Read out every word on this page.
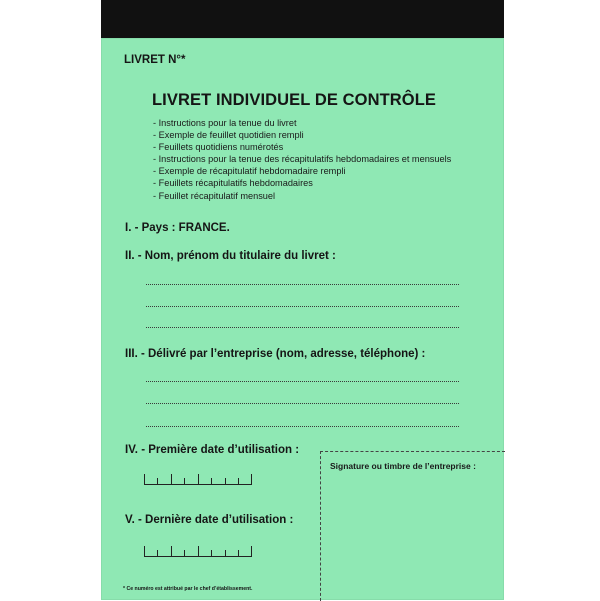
LIVRET N°*
LIVRET INDIVIDUEL DE CONTRÔLE
- Instructions pour la tenue du livret
- Exemple de feuillet quotidien rempli
- Feuillets quotidiens numérotés
- Instructions pour la tenue des récapitulatifs hebdomadaires et mensuels
- Exemple de récapitulatif hebdomadaire rempli
- Feuillets récapitulatifs hebdomadaires
- Feuillet récapitulatif mensuel
I. - Pays : FRANCE.
II. - Nom, prénom du titulaire du livret :
III. - Délivré par l’entreprise (nom, adresse, téléphone) :
IV. - Première date d’utilisation :
V. - Dernière date d’utilisation :
Signature ou timbre de l’entreprise :
* Ce numéro est attribué par le chef d’établissement.
